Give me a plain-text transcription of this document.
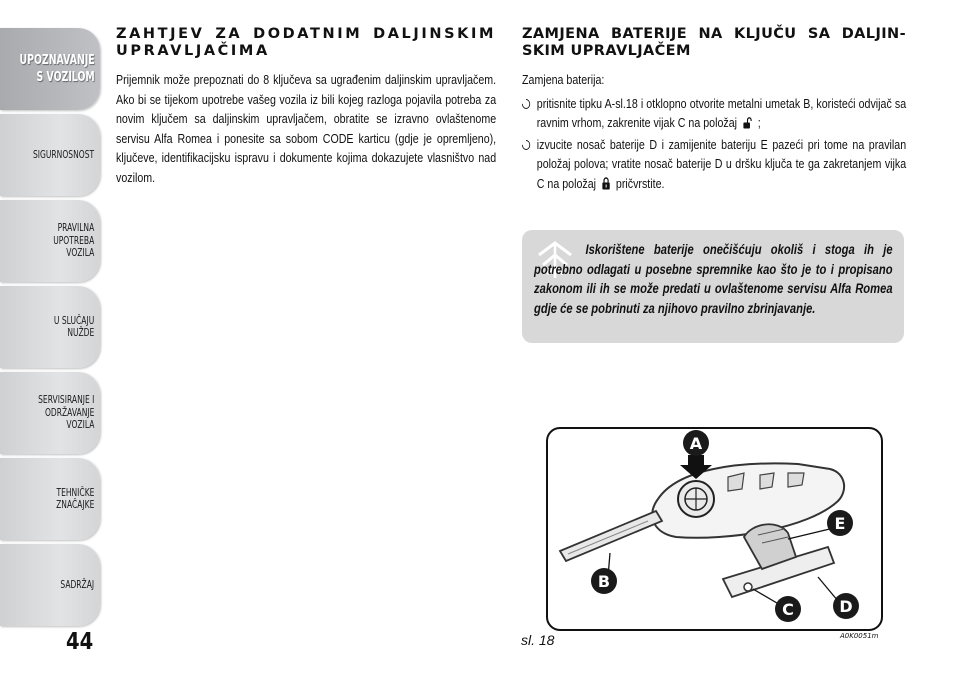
UPOZNAVANJE
S VOZILOM
SIGURNOSNOST
PRAVILNA
UPOTREBA
VOZILA
U SLUČAJU
NUŽDE
SERVISIRANJE I
ODRŽAVANJE
VOZILA
TEHNIČKE
ZNAČAJKE
SADRŽAJ
44
ZAHTJEV ZA DODATNIM DALJINSKIM UPRAVLJAČIMA

Prijemnik može prepoznati do 8 ključeva sa ugrađenim daljinskim upravljačem. Ako bi se tijekom upotrebe vašeg vozila iz bili kojeg razloga pojavila potreba za novim ključem sa daljinskim upravljačem, obratite se izravno ovlaštenome servisu Alfa Romea i ponesite sa sobom CODE karticu (gdje je opremljeno), ključeve, identifikacijsku ispravu i dokumente kojima dokazujete vlasništvo nad vozilom.

ZAMJENA BATERIJE NA KLJUČU SA DALJIN-SKIM UPRAVLJAČEM
Zamjena baterija:
pritisnite tipku A-sl.18 i otklopno otvorite metalni umetak B, koristeći odvijač sa ravnim vrhom, zakrenite vijak C na položaj ;
izvucite nosač baterije D i zamijenite bateriju E pazeći pri tome na pravilan položaj polova; vratite nosač baterije D u dršku ključa te ga zakretanjem vijka C na položaj pričvrstite.

Iskorištene baterije onečišćuju okoliš i stoga ih je potrebno odlagati u posebne spremnike kao što je to i propisano zakonom ili ih se može predati u ovlaštenome servisu Alfa Romea gdje će se pobrinuti za njihovo pravilno zbrinjavanje.

A
B
C	D
E
sl. 18	A0K0051m
